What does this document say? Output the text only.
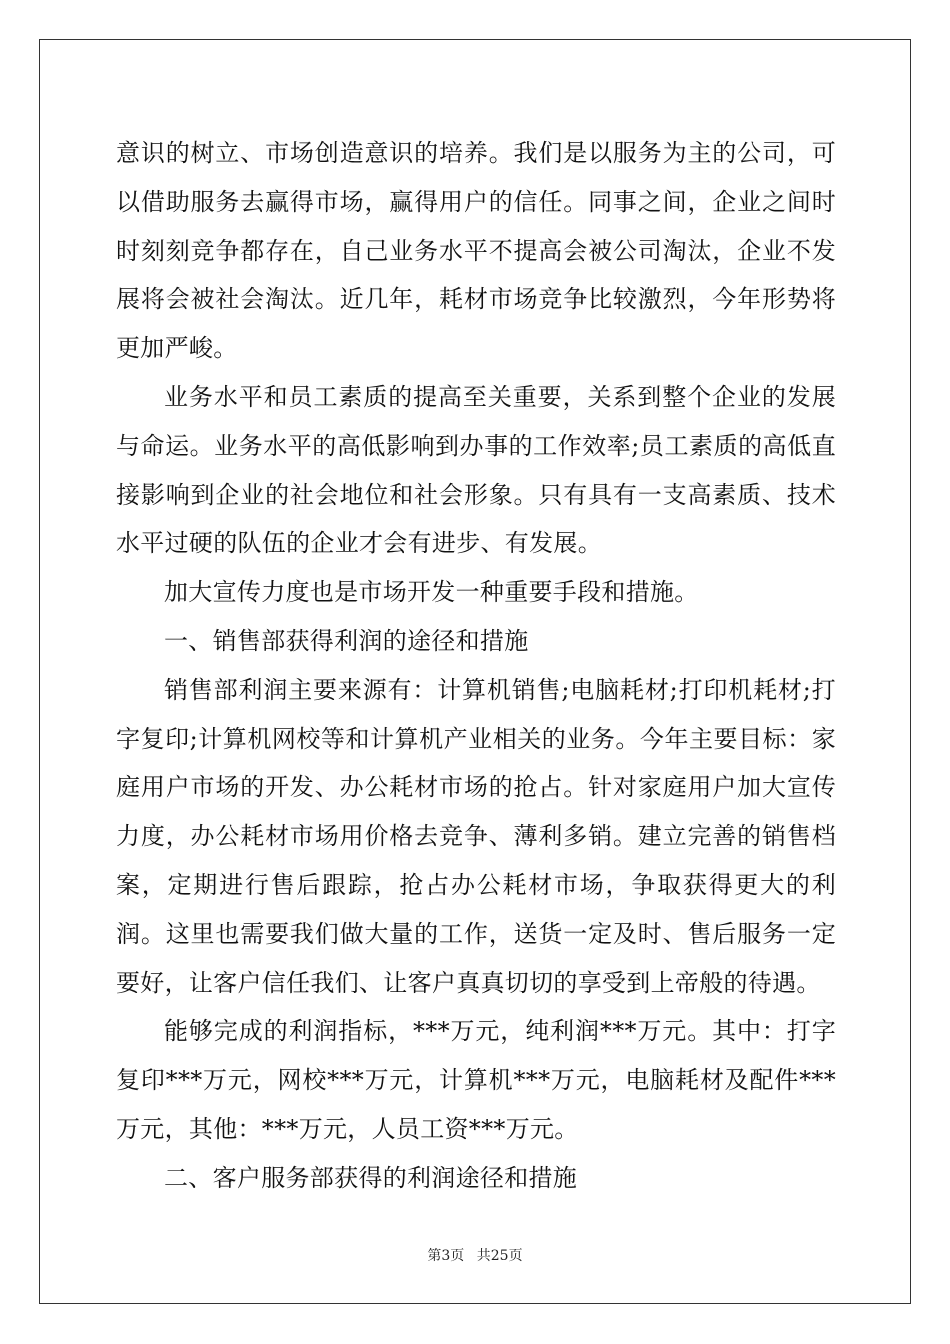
意识的树立、市场创造意识的培养。我们是以服务为主的公司，可以借助服务去赢得市场，赢得用户的信任。同事之间，企业之间时时刻刻竞争都存在，自己业务水平不提高会被公司淘汰，企业不发展将会被社会淘汰。近几年，耗材市场竞争比较激烈，今年形势将更加严峻。

业务水平和员工素质的提高至关重要，关系到整个企业的发展与命运。业务水平的高低影响到办事的工作效率;员工素质的高低直接影响到企业的社会地位和社会形象。只有具有一支高素质、技术水平过硬的队伍的企业才会有进步、有发展。

加大宣传力度也是市场开发一种重要手段和措施。

一、销售部获得利润的途径和措施

销售部利润主要来源有：计算机销售;电脑耗材;打印机耗材;打字复印;计算机网校等和计算机产业相关的业务。今年主要目标：家庭用户市场的开发、办公耗材市场的抢占。针对家庭用户加大宣传力度，办公耗材市场用价格去竞争、薄利多销。建立完善的销售档案，定期进行售后跟踪，抢占办公耗材市场，争取获得更大的利润。这里也需要我们做大量的工作，送货一定及时、售后服务一定要好，让客户信任我们、让客户真真切切的享受到上帝般的待遇。

能够完成的利润指标，***万元，纯利润***万元。其中：打字复印***万元，网校***万元，计算机***万元，电脑耗材及配件***万元，其他：***万元，人员工资***万元。

二、客户服务部获得的利润途径和措施

第3页 共25页
